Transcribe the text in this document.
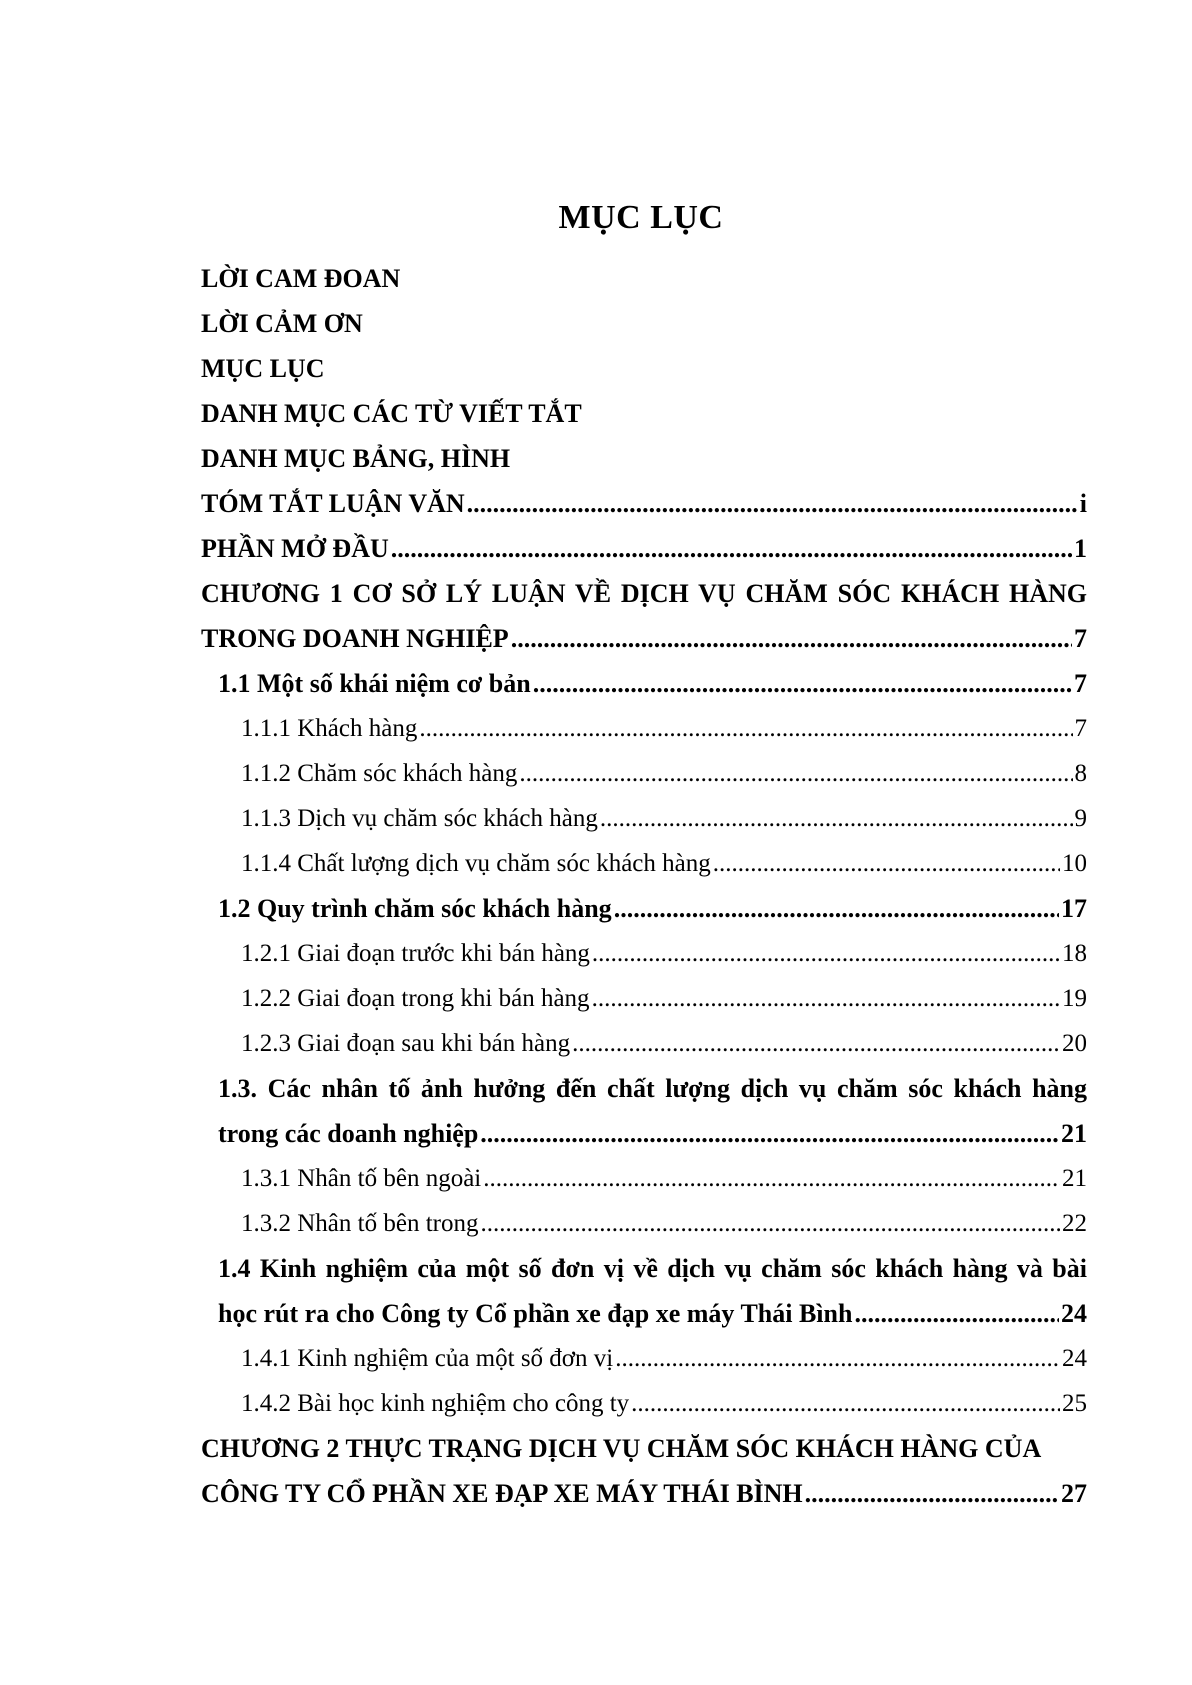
MỤC LỤC
LỜI CAM ĐOAN
LỜI CẢM ƠN
MỤC LỤC
DANH MỤC CÁC TỪ VIẾT TẮT
DANH MỤC BẢNG, HÌNH
TÓM TẮT LUẬN VĂN .....	i
PHẦN MỞ ĐẦU .....	1
CHƯƠNG 1 CƠ SỞ LÝ LUẬN VỀ DỊCH VỤ CHĂM SÓC KHÁCH HÀNG
TRONG DOANH NGHIỆP .....	7
1.1 Một số khái niệm cơ bản .....	7
1.1.1 Khách hàng .....	7
1.1.2 Chăm sóc khách hàng .....	8
1.1.3 Dịch vụ chăm sóc khách hàng .....	9
1.1.4 Chất lượng dịch vụ chăm sóc khách hàng .....	10
1.2 Quy trình chăm sóc khách hàng .....	17
1.2.1 Giai đoạn trước khi bán hàng .....	18
1.2.2 Giai đoạn trong khi bán hàng .....	19
1.2.3 Giai đoạn sau khi bán hàng .....	20
1.3. Các nhân tố ảnh hưởng đến chất lượng dịch vụ chăm sóc khách hàng
trong các doanh nghiệp .....	21
1.3.1 Nhân tố bên ngoài .....	21
1.3.2 Nhân tố bên trong .....	22
1.4 Kinh nghiệm của một số đơn vị về dịch vụ chăm sóc khách hàng và bài
học rút ra cho Công ty Cổ phần xe đạp xe máy Thái Bình .....	24
1.4.1 Kinh nghiệm của một số đơn vị .....	24
1.4.2 Bài học kinh nghiệm cho công ty .....	25
CHƯƠNG 2 THỰC TRẠNG DỊCH VỤ CHĂM SÓC KHÁCH HÀNG CỦA
CÔNG TY CỔ PHẦN XE ĐẠP XE MÁY THÁI BÌNH .....	27
